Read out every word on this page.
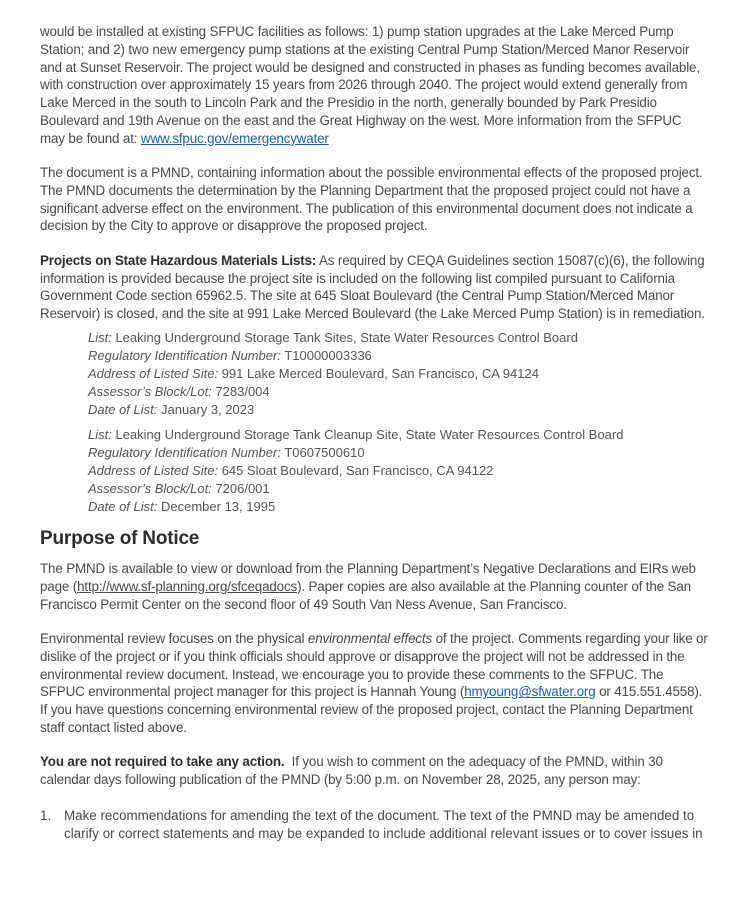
would be installed at existing SFPUC facilities as follows: 1) pump station upgrades at the Lake Merced Pump Station; and 2) two new emergency pump stations at the existing Central Pump Station/Merced Manor Reservoir and at Sunset Reservoir. The project would be designed and constructed in phases as funding becomes available, with construction over approximately 15 years from 2026 through 2040. The project would extend generally from Lake Merced in the south to Lincoln Park and the Presidio in the north, generally bounded by Park Presidio Boulevard and 19th Avenue on the east and the Great Highway on the west. More information from the SFPUC may be found at: www.sfpuc.gov/emergencywater

The document is a PMND, containing information about the possible environmental effects of the proposed project. The PMND documents the determination by the Planning Department that the proposed project could not have a significant adverse effect on the environment. The publication of this environmental document does not indicate a decision by the City to approve or disapprove the proposed project.

Projects on State Hazardous Materials Lists: As required by CEQA Guidelines section 15087(c)(6), the following information is provided because the project site is included on the following list compiled pursuant to California Government Code section 65962.5. The site at 645 Sloat Boulevard (the Central Pump Station/Merced Manor Reservoir) is closed, and the site at 991 Lake Merced Boulevard (the Lake Merced Pump Station) is in remediation.

List: Leaking Underground Storage Tank Sites, State Water Resources Control Board
Regulatory Identification Number: T10000003336
Address of Listed Site: 991 Lake Merced Boulevard, San Francisco, CA 94124
Assessor’s Block/Lot: 7283/004
Date of List: January 3, 2023
List: Leaking Underground Storage Tank Cleanup Site, State Water Resources Control Board
Regulatory Identification Number: T0607500610
Address of Listed Site: 645 Sloat Boulevard, San Francisco, CA 94122
Assessor’s Block/Lot: 7206/001
Date of List: December 13, 1995
Purpose of Notice

The PMND is available to view or download from the Planning Department’s Negative Declarations and EIRs web page (http://www.sf-planning.org/sfceqadocs). Paper copies are also available at the Planning counter of the San Francisco Permit Center on the second floor of 49 South Van Ness Avenue, San Francisco.

Environmental review focuses on the physical environmental effects of the project. Comments regarding your like or dislike of the project or if you think officials should approve or disapprove the project will not be addressed in the environmental review document. Instead, we encourage you to provide these comments to the SFPUC. The SFPUC environmental project manager for this project is Hannah Young (hmyoung@sfwater.org or 415.551.4558). If you have questions concerning environmental review of the proposed project, contact the Planning Department staff contact listed above.

You are not required to take any action.  If you wish to comment on the adequacy of the PMND, within 30 calendar days following publication of the PMND (by 5:00 p.m. on November 28, 2025, any person may:

1. Make recommendations for amending the text of the document. The text of the PMND may be amended to clarify or correct statements and may be expanded to include additional relevant issues or to cover issues in
